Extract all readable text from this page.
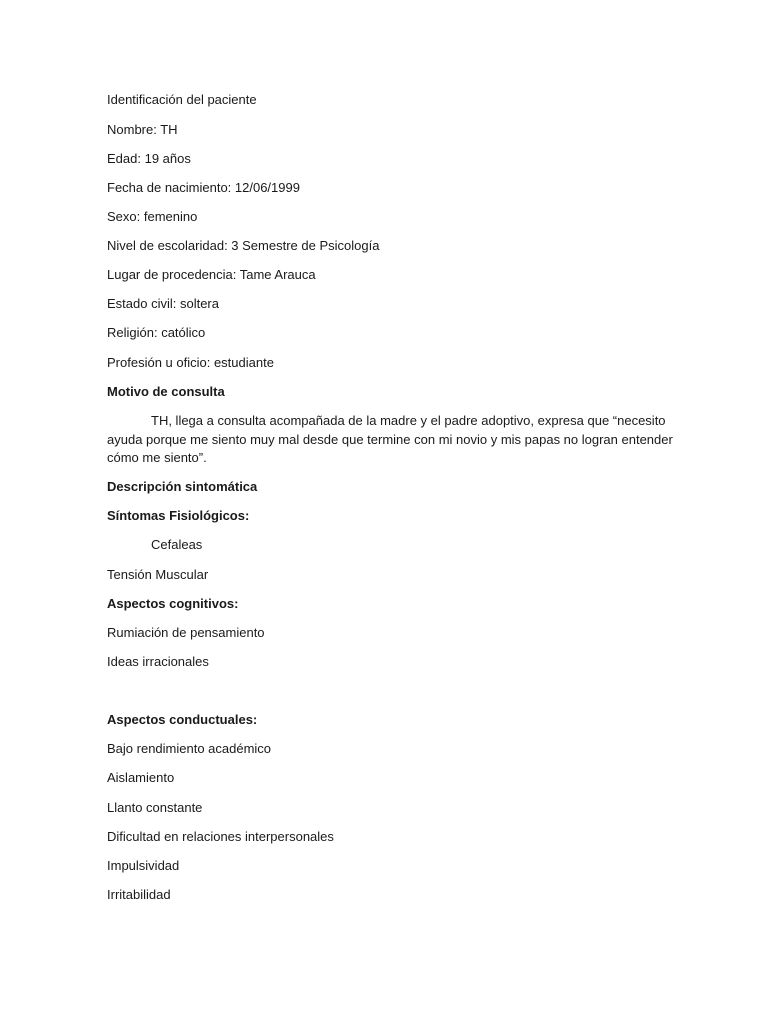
Identificación del paciente
Nombre: TH
Edad: 19 años
Fecha de nacimiento: 12/06/1999
Sexo: femenino
Nivel de escolaridad: 3 Semestre de Psicología
Lugar de procedencia: Tame Arauca
Estado civil: soltera
Religión: católico
Profesión u oficio: estudiante
Motivo de consulta
TH, llega a consulta acompañada de la madre y el padre adoptivo, expresa que “necesito
ayuda porque me siento muy mal desde que termine con mi novio y mis papas no logran entender
cómo me siento”.
Descripción sintomática
Síntomas Fisiológicos:
Cefaleas
Tensión Muscular
Aspectos cognitivos:
Rumiación de pensamiento
Ideas irracionales
Aspectos conductuales:
Bajo rendimiento académico
Aislamiento
Llanto constante
Dificultad en relaciones interpersonales
Impulsividad
Irritabilidad
